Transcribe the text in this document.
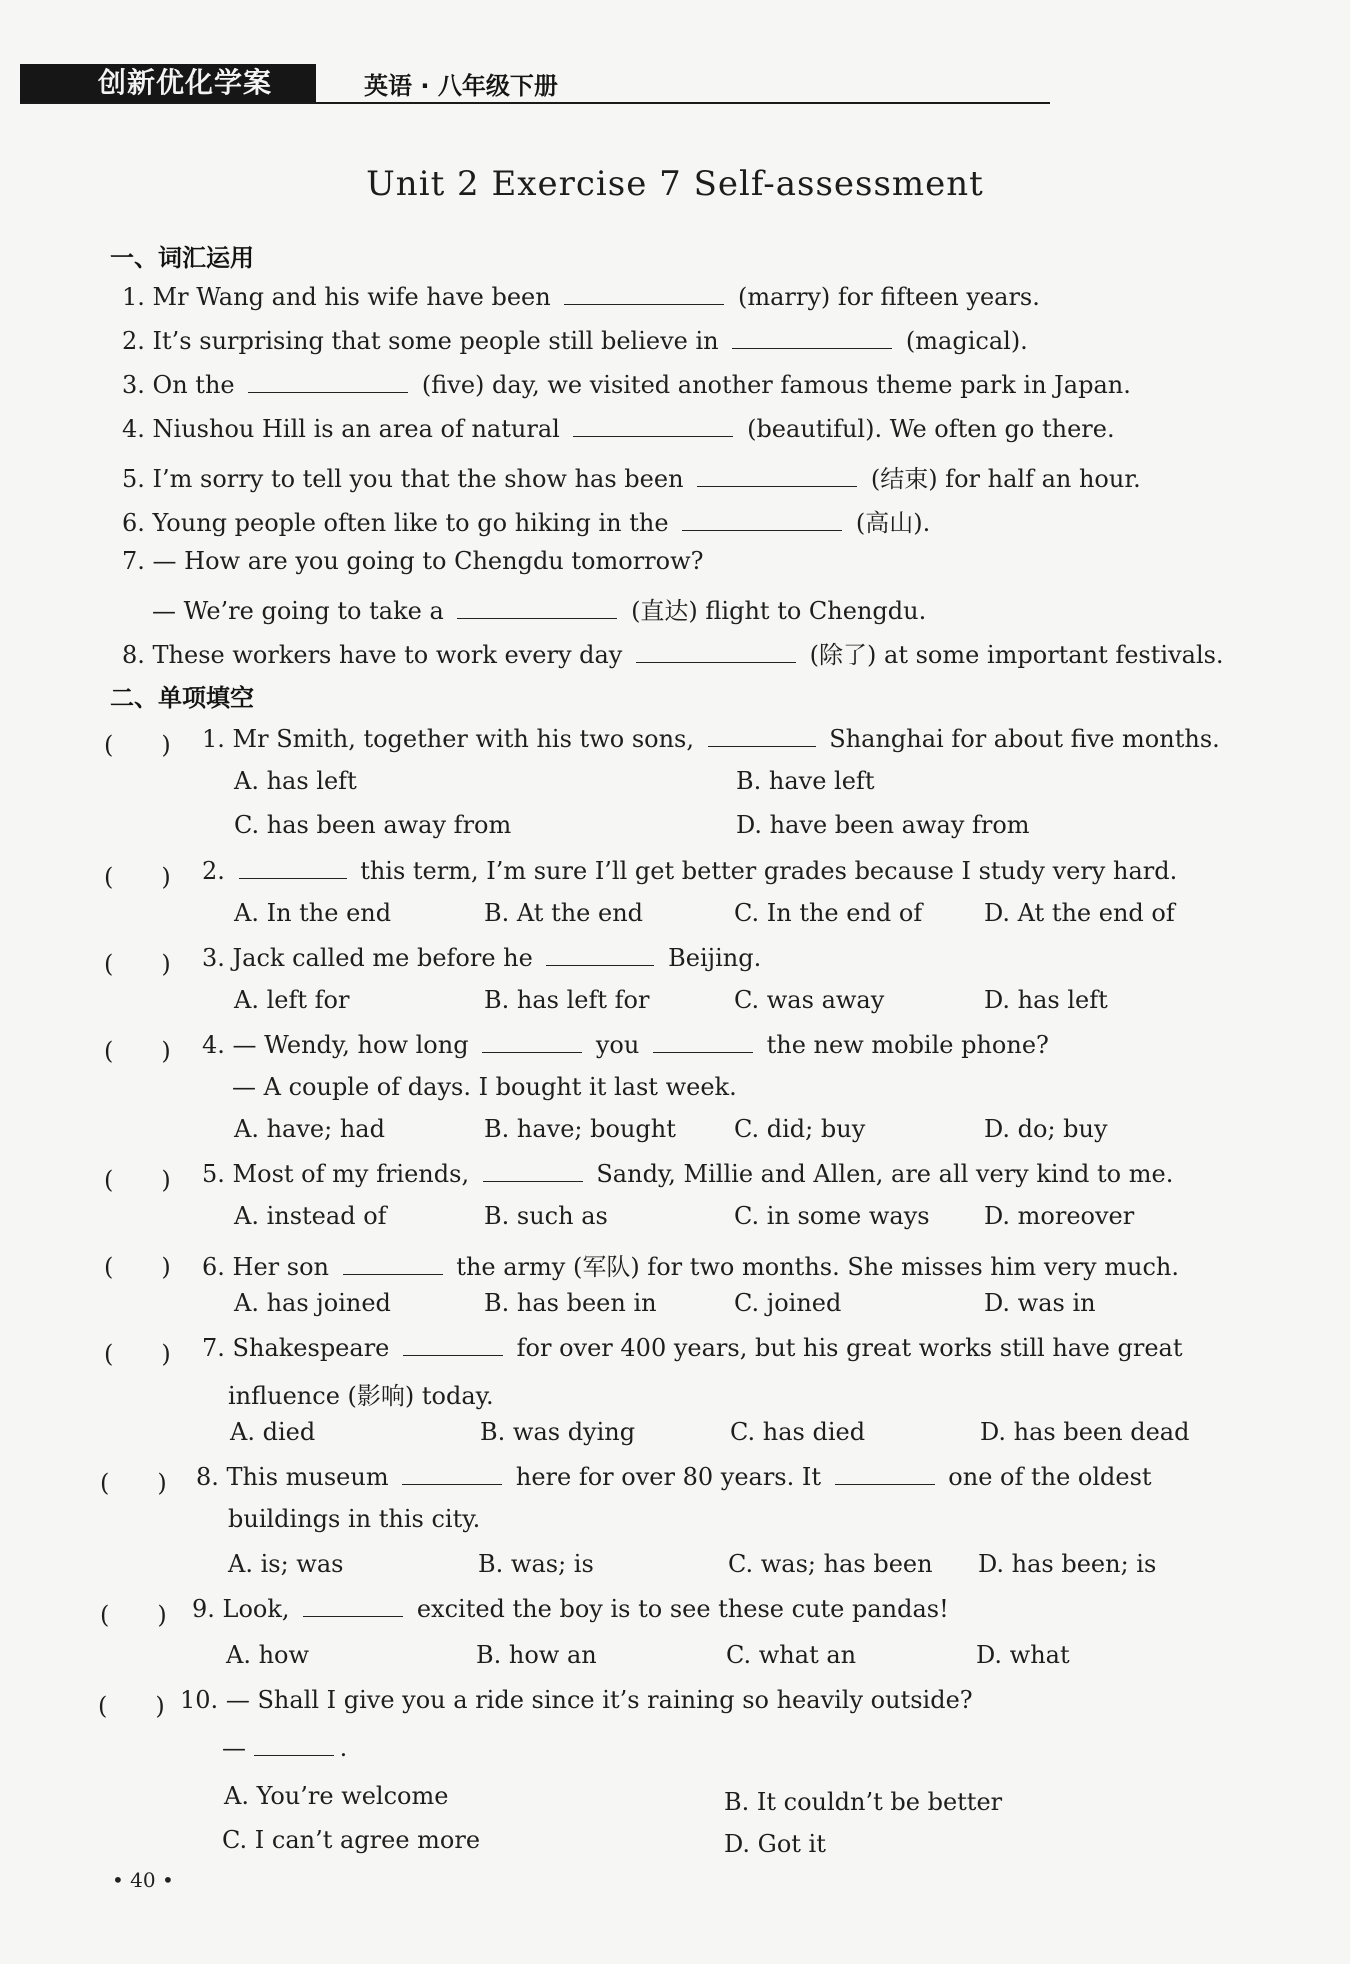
创新优化学案	英语 · 八年级下册
Unit 2 Exercise 7 Self-assessment
一、词汇运用
1. Mr Wang and his wife have been	(marry) for fifteen years.
2. It’s surprising that some people still believe in	(magical).
3. On the	(five) day, we visited another famous theme park in Japan.
4. Niushou Hill is an area of natural	(beautiful). We often go there.
5. I’m sorry to tell you that the show has been	(结束) for half an hour.
6. Young people often like to go hiking in the	(高山).
7. — How are you going to Chengdu tomorrow?
— We’re going to take a	(直达) flight to Chengdu.
8. These workers have to work every day	(除了) at some important festivals.
二、单项填空
(　　) 1. Mr Smith, together with his two sons,	Shanghai for about five months.
A. has left	B. have left
C. has been away from	D. have been away from
(　　) 2.	this term, I’m sure I’ll get better grades because I study very hard.
A. In the end	B. At the end	C. In the end of	D. At the end of
(　　) 3. Jack called me before he	Beijing.
A. left for	B. has left for	C. was away	D. has left
(　　) 4. — Wendy, how long	you	the new mobile phone?
— A couple of days. I bought it last week.
A. have; had	B. have; bought C. did; buy	D. do; buy
(　　) 5. Most of my friends,	Sandy, Millie and Allen, are all very kind to me.
A. instead of	B. such as	C. in some ways D. moreover
(　　) 6. Her son	the army (军队) for two months. She misses him very much.
A. has joined	B. has been in	C. joined	D. was in
(　　) 7. Shakespeare	for over 400 years, but his great works still have great
influence (影响) today.
A. died	B. was dying	C. has died	D. has been dead
(　　) 8. This museum	here for over 80 years. It	one of the oldest
buildings in this city.
A. is; was	B. was; is	C. was; has been D. has been; is
(　　) 9. Look,	excited the boy is to see these cute pandas!
A. how	B. how an	C. what an	D. what
(　　) 10. — Shall I give you a ride since it’s raining so heavily outside?
—	.
A. You’re welcome	B. It couldn’t be better
C. I can’t agree more	D. Got it
• 40 •
